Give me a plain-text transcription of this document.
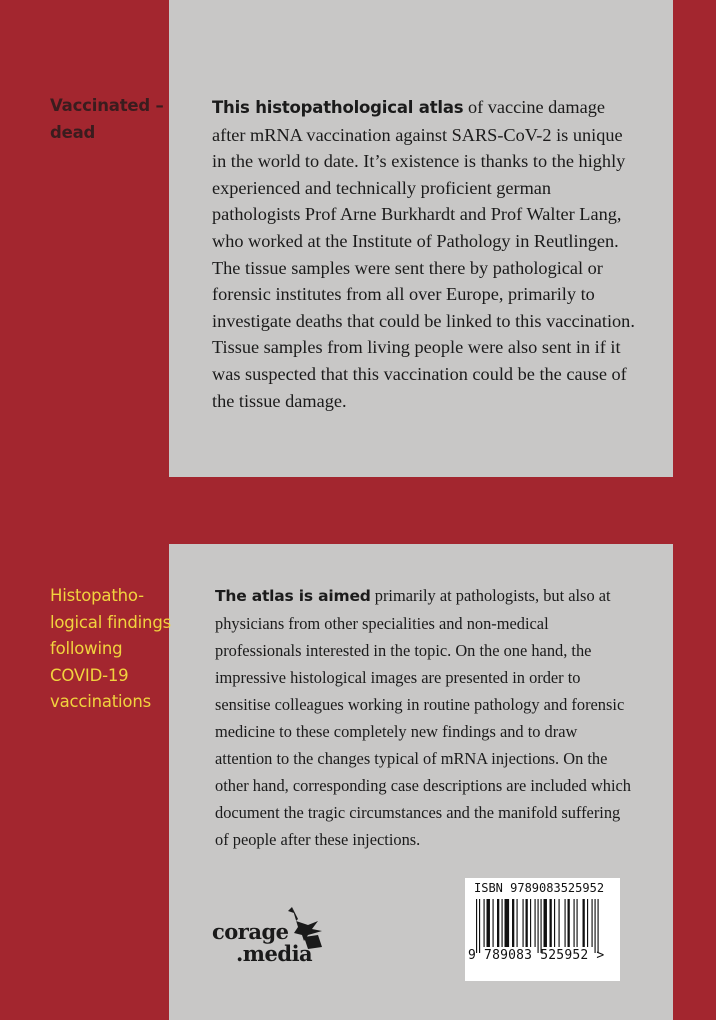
Vaccinated –
dead
Histopatho-
logical findings
following
COVID-19
vaccinations
This histopathological atlas of vaccine damage after mRNA vaccination against SARS-CoV-2 is unique in the world to date. It’s existence is thanks to the highly experienced and technically proficient german pathologists Prof Arne Burkhardt and Prof Walter Lang, who worked at the Institute of Pathology in Reutlingen. The tissue samples were sent there by pathological or forensic institutes from all over Europe, primarily to investigate deaths that could be linked to this vaccination. Tissue samples from living people were also sent in if it was suspected that this vaccination could be the cause of the tissue damage.
The atlas is aimed primarily at pathologists, but also at physicians from other specialities and non-medical professionals interested in the topic. On the one hand, the impressive histological images are presented in order to sensitise colleagues working in routine pathology and forensic medicine to these completely new findings and to draw attention to the changes typical of mRNA injections. On the other hand, corresponding case descriptions are included which document the tragic circumstances and the manifold suffering of people after these injections.
corage
.media
ISBN 9789083525952
9 789083 525952 >
